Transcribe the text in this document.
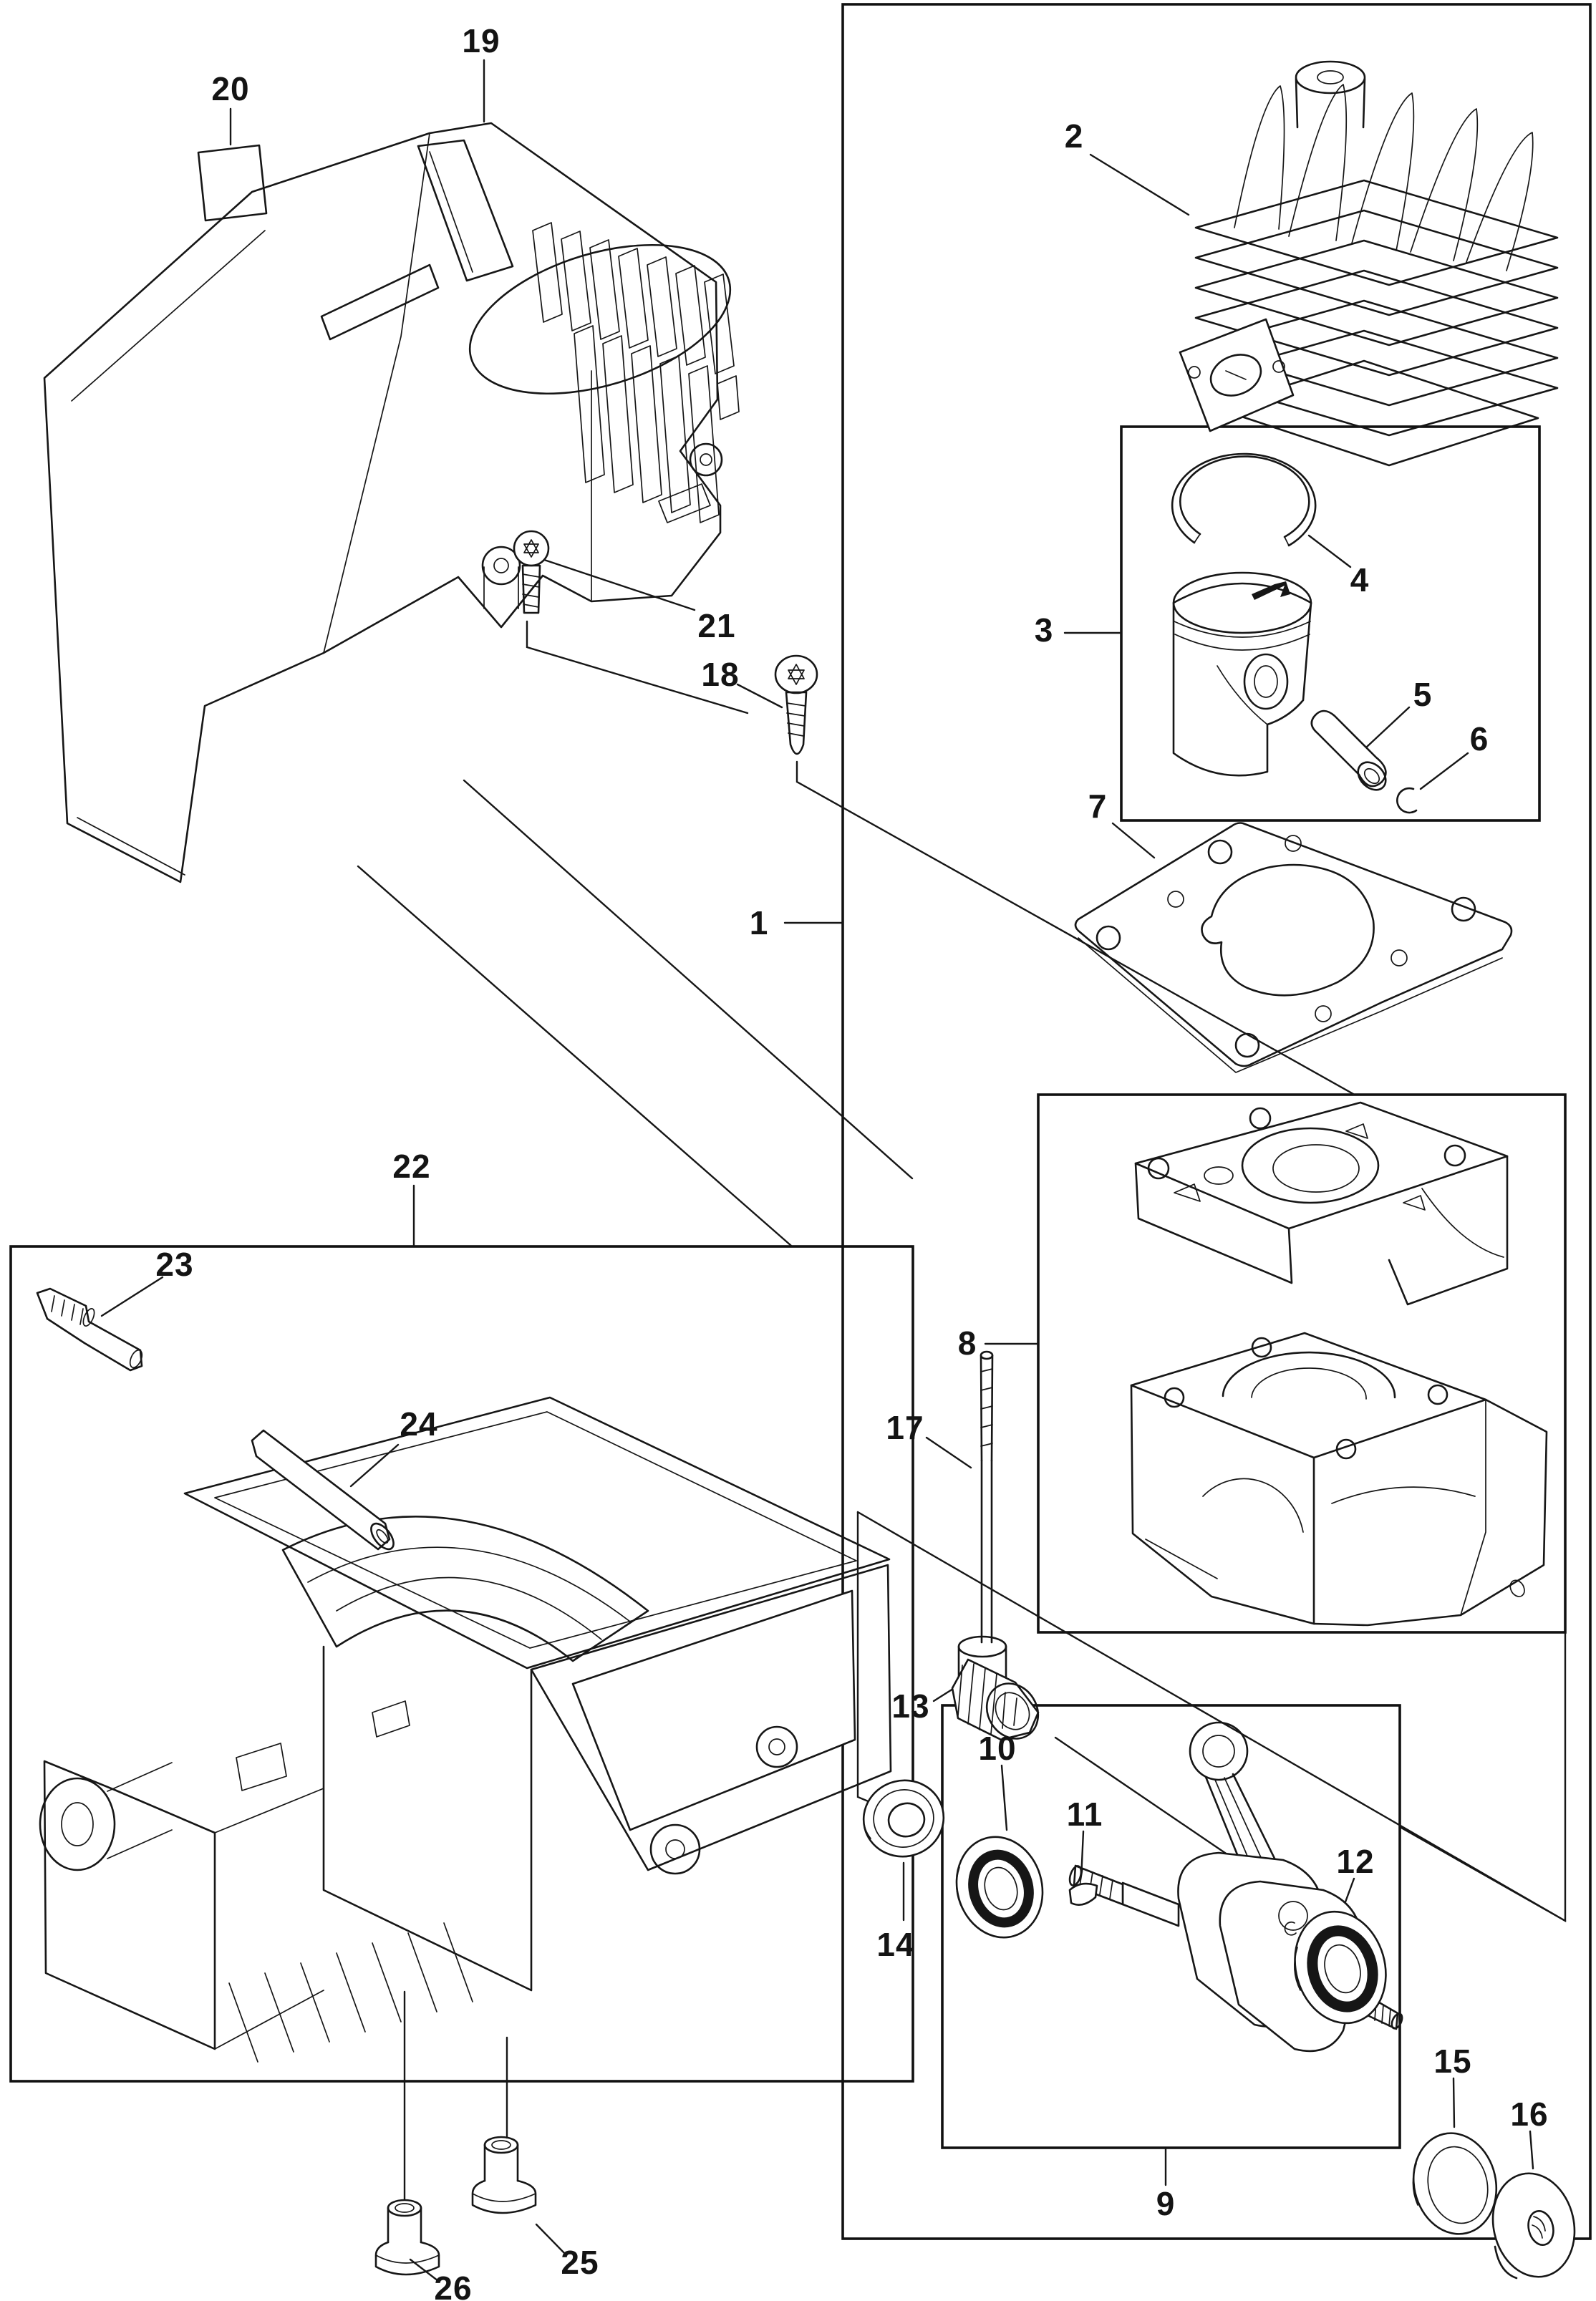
1
2
3
4
5
6
7
8
9
10
11
12
13
14
15
16
17
18
19
20
21
22
23
24
25
26
